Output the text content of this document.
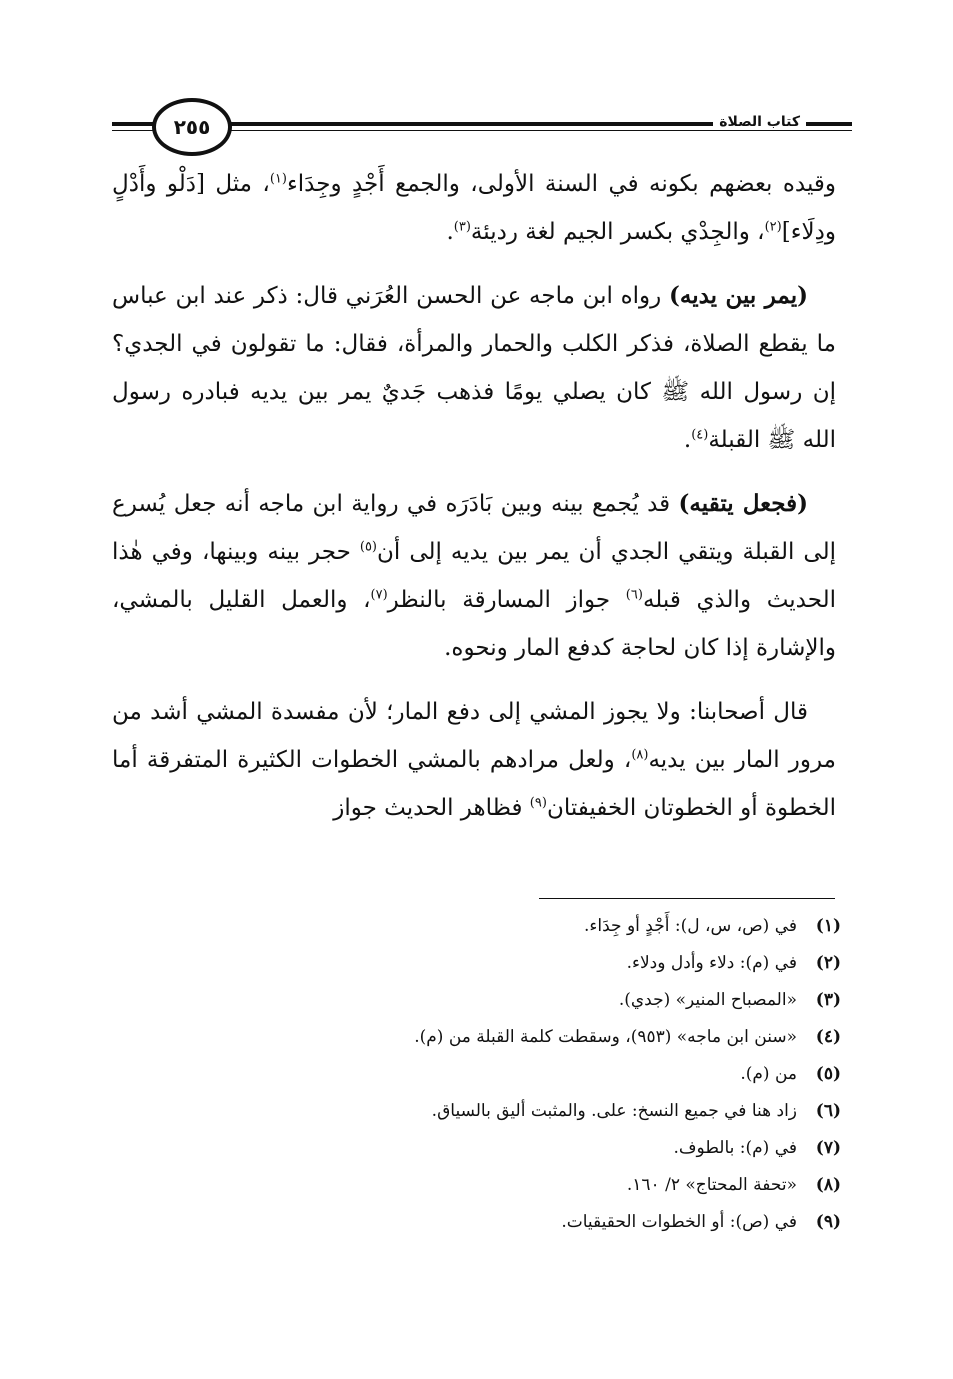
٢٥٥	كتاب الصلاة

وقيده بعضهم بكونه في السنة الأولى، والجمع أَجْدٍ وجِدَاء$^{(١)}$، مثل [دَلْو وأَدْلٍ ودِلَاء]$^{(٢)}$، والجِدْي بكسر الجيم لغة رديئة$^{(٣)}$.

(يمر بين يديه) رواه ابن ماجه عن الحسن العُرَني قال: ذكر عند ابن عباس ما يقطع الصلاة، فذكر الكلب والحمار والمرأة، فقال: ما تقولون في الجدي؟ إن رسول الله ﷺ كان يصلي يومًا فذهب جَديٌ يمر بين يديه فبادره رسول الله ﷺ القبلة$^{(٤)}$.

(فجعل يتقيه) قد يُجمع بينه وبين بَادَرَه في رواية ابن ماجه أنه جعل يُسرع إلى القبلة ويتقي الجدي أن يمر بين يديه إلى أن$^{(٥)}$ حجر بينه وبينها، وفي هٰذا الحديث والذي قبله$^{(٦)}$ جواز المسارقة بالنظر$^{(٧)}$، والعمل القليل بالمشي، والإشارة إذا كان لحاجة كدفع المار ونحوه.

قال أصحابنا: ولا يجوز المشي إلى دفع المار؛ لأن مفسدة المشي أشد من مرور المار بين يديه$^{(٨)}$، ولعل مرادهم بالمشي الخطوات الكثيرة المتفرقة أما الخطوة أو الخطوتان الخفيفتان$^{(٩)}$ فظاهر الحديث جواز

(١)
في (ص، س، ل): أَجْدٍ أو جِدَاء.
(٢)
في (م): دلاء وأدل ودلاء.
(٣)
«المصباح المنير» (جدي).
(٤)
«سنن ابن ماجه» (٩٥٣)، وسقطت كلمة القبلة من (م).
(٥)
من (م).
(٦)
زاد هنا في جميع النسخ: على. والمثبت أليق بالسياق.
(٧)
في (م): بالطوف.
(٨)
«تحفة المحتاج» ٢/ ١٦٠.
(٩)
في (ص): أو الخطوات الحقيقيات.
